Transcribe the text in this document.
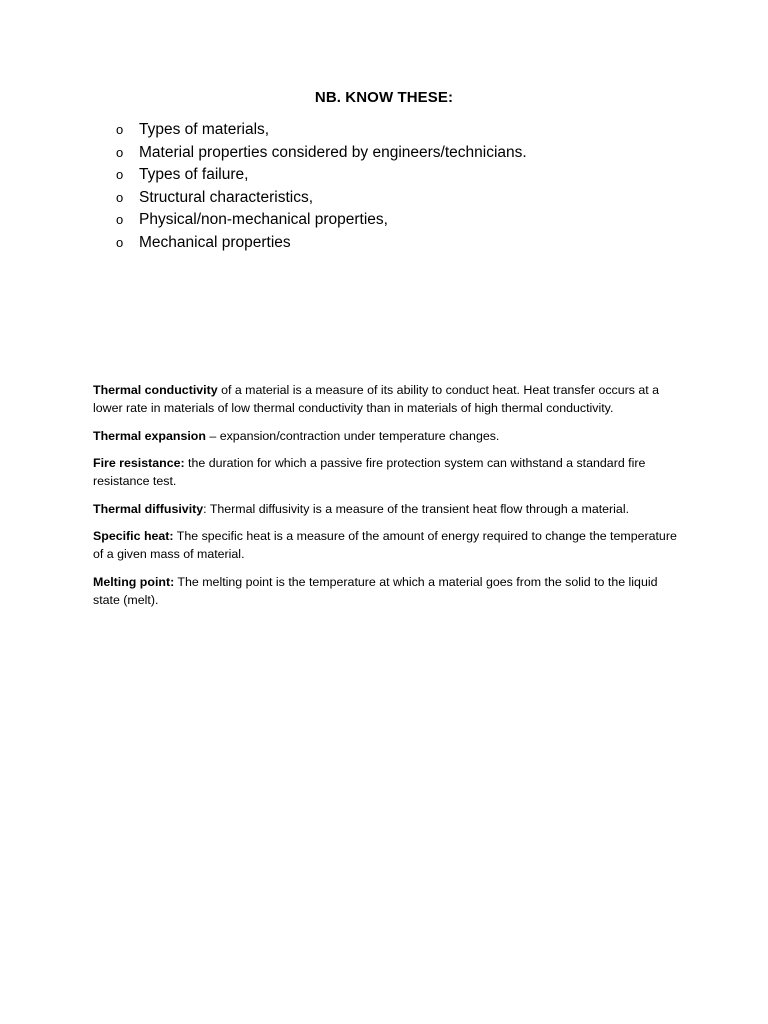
NB. KNOW THESE:
o Types of materials,
o Material properties considered by engineers/technicians.
o Types of failure,
o Structural characteristics,
o Physical/non-mechanical properties,
o Mechanical properties

Thermal conductivity of a material is a measure of its ability to conduct heat. Heat transfer occurs at a lower rate in materials of low thermal conductivity than in materials of high thermal conductivity.

Thermal expansion – expansion/contraction under temperature changes.

Fire resistance: the duration for which a passive fire protection system can withstand a standard fire resistance test.

Thermal diffusivity: Thermal diffusivity is a measure of the transient heat flow through a material.

Specific heat: The specific heat is a measure of the amount of energy required to change the temperature of a given mass of material.

Melting point: The melting point is the temperature at which a material goes from the solid to the liquid state (melt).
